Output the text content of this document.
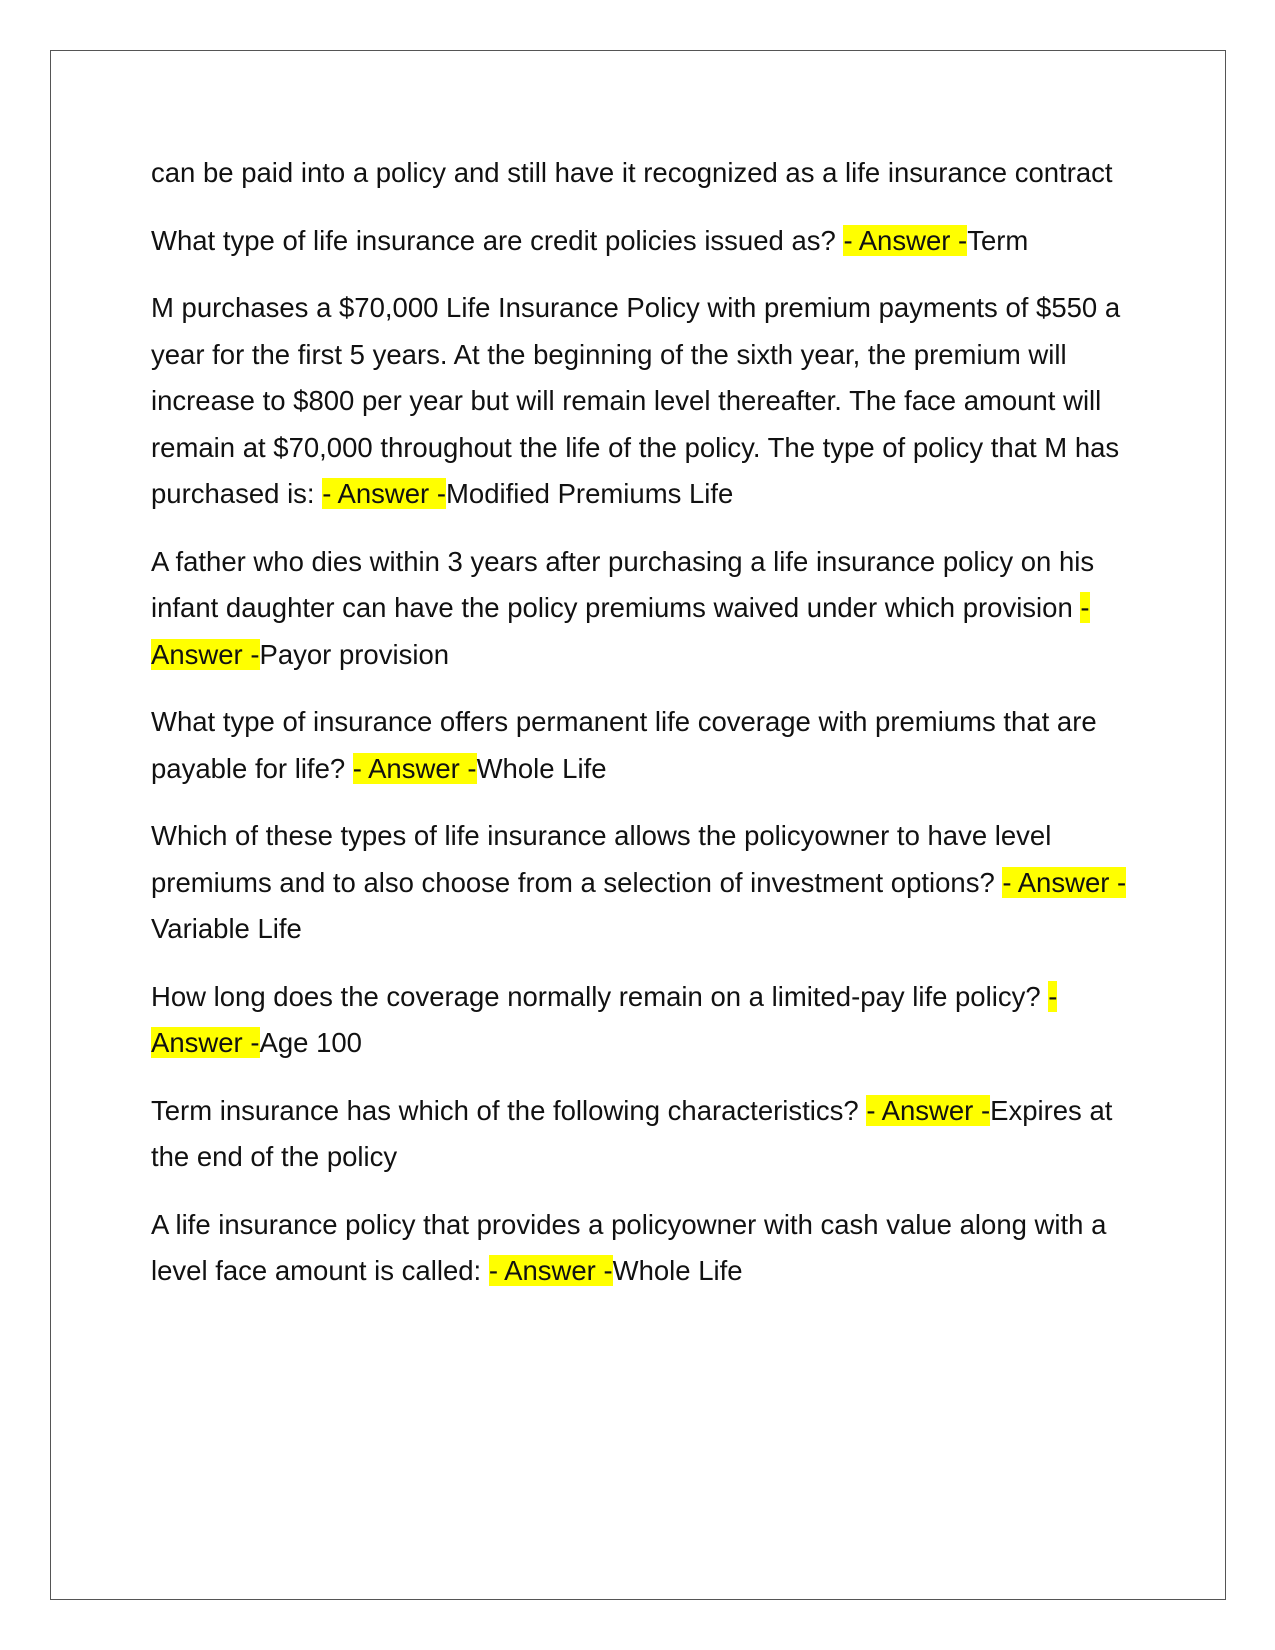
can be paid into a policy and still have it recognized as a life insurance contract

What type of life insurance are credit policies issued as? - Answer -Term

M purchases a $70,000 Life Insurance Policy with premium payments of $550 a year for the first 5 years. At the beginning of the sixth year, the premium will increase to $800 per year but will remain level thereafter. The face amount will remain at $70,000 throughout the life of the policy. The type of policy that M has purchased is: - Answer -Modified Premiums Life

A father who dies within 3 years after purchasing a life insurance policy on his infant daughter can have the policy premiums waived under which provision - Answer -Payor provision

What type of insurance offers permanent life coverage with premiums that are payable for life? - Answer -Whole Life

Which of these types of life insurance allows the policyowner to have level premiums and to also choose from a selection of investment options? - Answer -Variable Life

How long does the coverage normally remain on a limited-pay life policy? - Answer -Age 100

Term insurance has which of the following characteristics? - Answer -Expires at the end of the policy

A life insurance policy that provides a policyowner with cash value along with a level face amount is called: - Answer -Whole Life
